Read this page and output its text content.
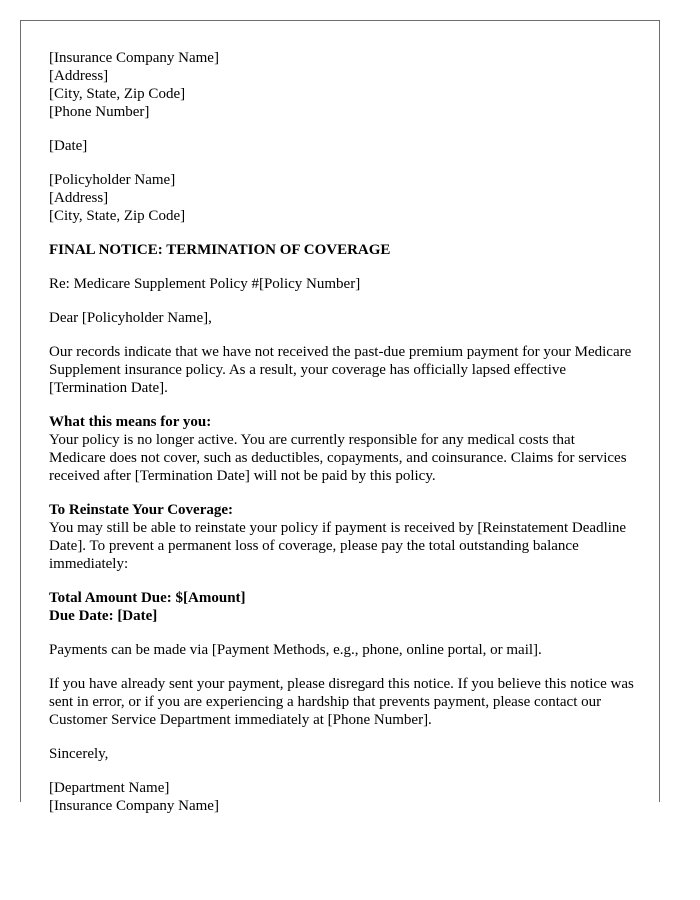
[Insurance Company Name]
[Address]
[City, State, Zip Code]
[Phone Number]
[Date]
[Policyholder Name]
[Address]
[City, State, Zip Code]
FINAL NOTICE: TERMINATION OF COVERAGE
Re: Medicare Supplement Policy #[Policy Number]
Dear [Policyholder Name],
Our records indicate that we have not received the past-due premium payment for your Medicare Supplement insurance policy. As a result, your coverage has officially lapsed effective [Termination Date].
What this means for you:
Your policy is no longer active. You are currently responsible for any medical costs that Medicare does not cover, such as deductibles, copayments, and coinsurance. Claims for services received after [Termination Date] will not be paid by this policy.
To Reinstate Your Coverage:
You may still be able to reinstate your policy if payment is received by [Reinstatement Deadline Date]. To prevent a permanent loss of coverage, please pay the total outstanding balance immediately:
Total Amount Due: $[Amount]
Due Date: [Date]
Payments can be made via [Payment Methods, e.g., phone, online portal, or mail].
If you have already sent your payment, please disregard this notice. If you believe this notice was sent in error, or if you are experiencing a hardship that prevents payment, please contact our Customer Service Department immediately at [Phone Number].
Sincerely,
[Department Name]
[Insurance Company Name]
